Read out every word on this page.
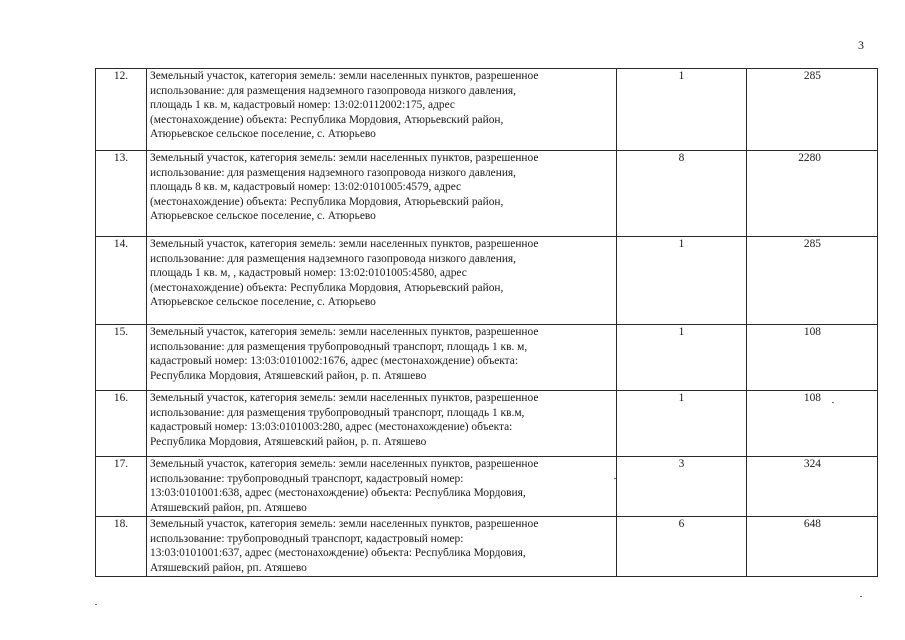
3
12.	Земельный участок, категория земель: земли населенных пунктов, разрешенное
использование: для размещения надземного газопровода низкого давления,
площадь 1 кв. м, кадастровый номер: 13:02:0112002:175, адрес
(местонахождение) объекта: Республика Мордовия, Атюрьевский район,
Атюрьевское сельское поселение, с. Атюрьево	1	285
13.	Земельный участок, категория земель: земли населенных пунктов, разрешенное
использование: для размещения надземного газопровода низкого давления,
площадь 8 кв. м, кадастровый номер: 13:02:0101005:4579, адрес
(местонахождение) объекта: Республика Мордовия, Атюрьевский район,
Атюрьевское сельское поселение, с. Атюрьево	8	2280
14.	Земельный участок, категория земель: земли населенных пунктов, разрешенное
использование: для размещения надземного газопровода низкого давления,
площадь 1 кв. м, , кадастровый номер: 13:02:0101005:4580, адрес
(местонахождение) объекта: Республика Мордовия, Атюрьевский район,
Атюрьевское сельское поселение, с. Атюрьево	1	285
15.	Земельный участок, категория земель: земли населенных пунктов, разрешенное
использование: для размещения трубопроводный транспорт, площадь 1 кв. м,
кадастровый номер: 13:03:0101002:1676, адрес (местонахождение) объекта:
Республика Мордовия, Атяшевский район, р. п. Атяшево	1	108
16.	Земельный участок, категория земель: земли населенных пунктов, разрешенное
использование: для размещения трубопроводный транспорт, площадь 1 кв.м,
кадастровый номер: 13:03:0101003:280, адрес (местонахождение) объекта:
Республика Мордовия, Атяшевский район, р. п. Атяшево	1	108
17.	Земельный участок, категория земель: земли населенных пунктов, разрешенное
использование: трубопроводный транспорт, кадастровый номер:
13:03:0101001:638, адрес (местонахождение) объекта: Республика Мордовия,
Атяшевский район, рп. Атяшево	3	324
18.	Земельный участок, категория земель: земли населенных пунктов, разрешенное
использование: трубопроводный транспорт, кадастровый номер:
13:03:0101001:637, адрес (местонахождение) объекта: Республика Мордовия,
Атяшевский район, рп. Атяшево	6	648
